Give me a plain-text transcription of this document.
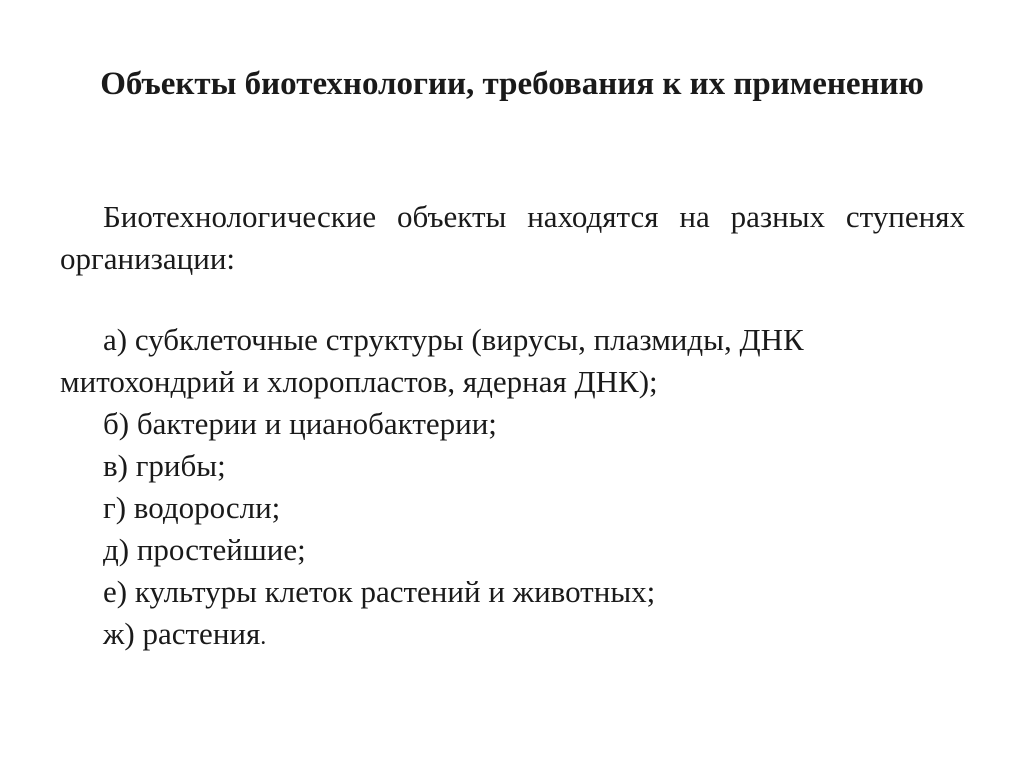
Объекты биотехнологии, требования к их применению

Биотехнологические объекты находятся на разных ступенях организации:

а) субклеточные структуры (вирусы, плазмиды, ДНК митохондрий и хлоропластов, ядерная ДНК);
б) бактерии и цианобактерии;
в) грибы;
г) водоросли;
д) простейшие;
е) культуры клеток растений и животных;
ж) растения.
